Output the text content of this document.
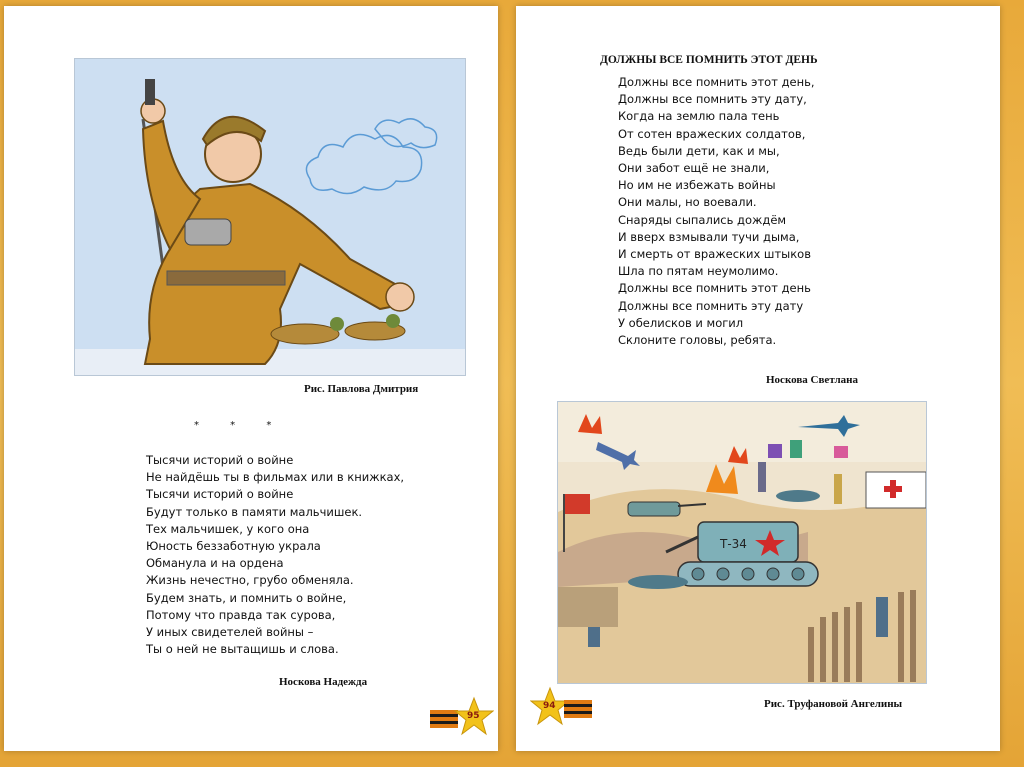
Рис. Павлова Дмитрия
* * *
Тысячи историй о войне
Не найдёшь ты в фильмах или в книжках,
Тысячи историй о войне
Будут только в памяти мальчишек.
Тех мальчишек, у кого она
Юность беззаботную украла
Обманула и на ордена
Жизнь нечестно, грубо обменяла.
Будем знать, и помнить о войне,
Потому что правда так сурова,
У иных свидетелей войны –
Ты о ней не вытащишь и слова.
Носкова Надежда
95
ДОЛЖНЫ ВСЕ ПОМНИТЬ ЭТОТ ДЕНЬ
Должны все помнить этот день,
Должны все помнить эту дату,
Когда на землю пала тень
От сотен вражеских солдатов,
Ведь были дети, как и мы,
Они забот ещё не знали,
Но им не избежать войны
Они малы, но воевали.
Снаряды сыпались дождём
И вверх взмывали тучи дыма,
И смерть от вражеских штыков
Шла по пятам неумолимо.
Должны все помнить этот день
Должны все помнить эту дату
У обелисков и могил
Склоните головы, ребята.
Носкова Светлана
Т-34
Рис. Труфановой Ангелины
94
